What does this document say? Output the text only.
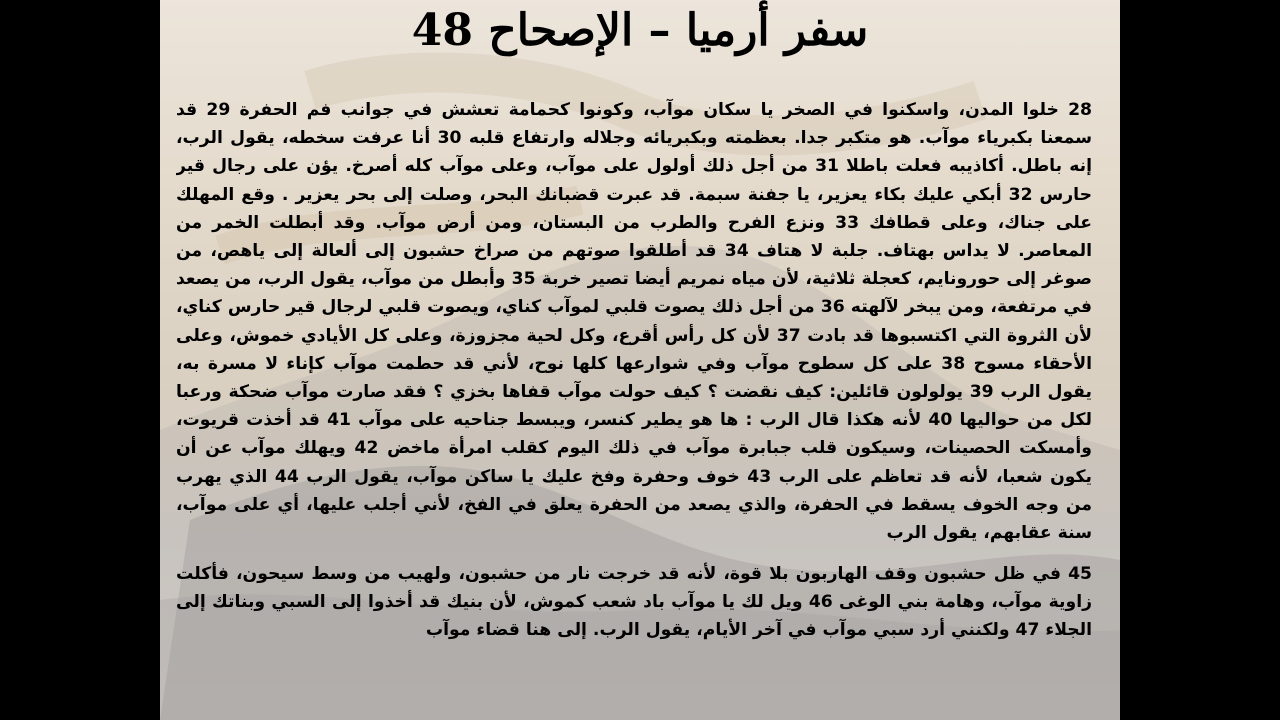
سفر أرميا – الإصحاح 48
28 خلوا المدن، واسكنوا في الصخر يا سكان موآب، وكونوا كحمامة تعشش في جوانب فم الحفرة 29 قد سمعنا بكبرياء موآب. هو متكبر جدا. بعظمته وبكبريائه وجلاله وارتفاع قلبه 30 أنا عرفت سخطه، يقول الرب، إنه باطل. أكاذيبه فعلت باطلا 31 من أجل ذلك أولول على موآب، وعلى موآب كله أصرخ. يؤن على رجال قير حارس 32 أبكي عليك بكاء يعزير، يا جفنة سبمة. قد عبرت قضبانك البحر، وصلت إلى بحر يعزير . وقع المهلك على جناك، وعلى قطافك 33 ونزع الفرح والطرب من البستان، ومن أرض موآب. وقد أبطلت الخمر من المعاصر. لا يداس بهتاف. جلبة لا هتاف 34 قد أطلقوا صوتهم من صراخ حشبون إلى ألعالة إلى ياهص، من صوغر إلى حورونايم، كعجلة ثلاثية، لأن مياه نمريم أيضا تصير خربة 35 وأبطل من موآب، يقول الرب، من يصعد في مرتفعة، ومن يبخر لآلهته 36 من أجل ذلك يصوت قلبي لموآب كناي، ويصوت قلبي لرجال قير حارس كناي، لأن الثروة التي اكتسبوها قد بادت 37 لأن كل رأس أقرع، وكل لحية مجزوزة، وعلى كل الأيادي خموش، وعلى الأحقاء مسوح 38 على كل سطوح موآب وفي شوارعها كلها نوح، لأني قد حطمت موآب كإناء لا مسرة به، يقول الرب 39 يولولون قائلين: كيف نقضت ؟ كيف حولت موآب قفاها بخزي ؟ فقد صارت موآب ضحكة ورعبا لكل من حواليها 40 لأنه هكذا قال الرب : ها هو يطير كنسر، ويبسط جناحيه على موآب 41 قد أخذت قريوت، وأمسكت الحصينات، وسيكون قلب جبابرة موآب في ذلك اليوم كقلب امرأة ماخض 42 ويهلك موآب عن أن يكون شعبا، لأنه قد تعاظم على الرب 43 خوف وحفرة وفخ عليك يا ساكن موآب، يقول الرب 44 الذي يهرب من وجه الخوف يسقط في الحفرة، والذي يصعد من الحفرة يعلق في الفخ، لأني أجلب عليها، أي على موآب، سنة عقابهم، يقول الرب
45 في ظل حشبون وقف الهاربون بلا قوة، لأنه قد خرجت نار من حشبون، ولهيب من وسط سيحون، فأكلت زاوية موآب، وهامة بني الوغى 46 ويل لك يا موآب باد شعب كموش، لأن بنيك قد أخذوا إلى السبي وبناتك إلى الجلاء 47 ولكنني أرد سبي موآب في آخر الأيام، يقول الرب. إلى هنا قضاء موآب
